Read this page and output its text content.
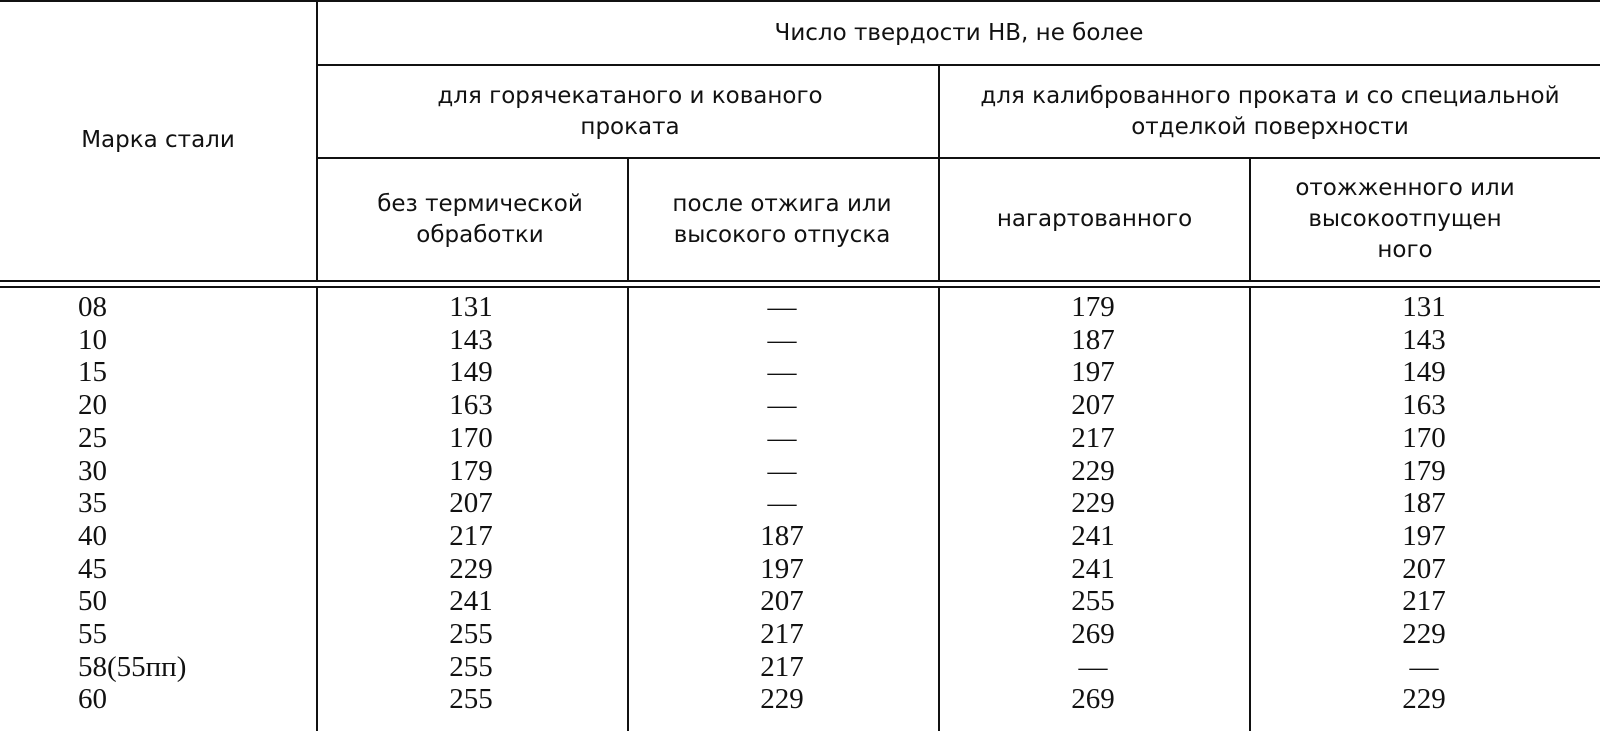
Марка стали
Число твердости НВ, не более
для горячекатаного и кованого проката
для калиброванного проката и со специальной отделкой поверхности
без термической обработки
после отжига или высокого отпуска
нагартованного
отожженного или высокоотпущен ного
08	131	—	179	131
10	143	—	187	143
15	149	—	197	149
20	163	—	207	163
25	170	—	217	170
30	179	—	229	179
35	207	—	229	187
40	217	187	241	197
45	229	197	241	207
50	241	207	255	217
55	255	217	269	229
58(55пп)	255	217	—	—
60	255	229	269	229
